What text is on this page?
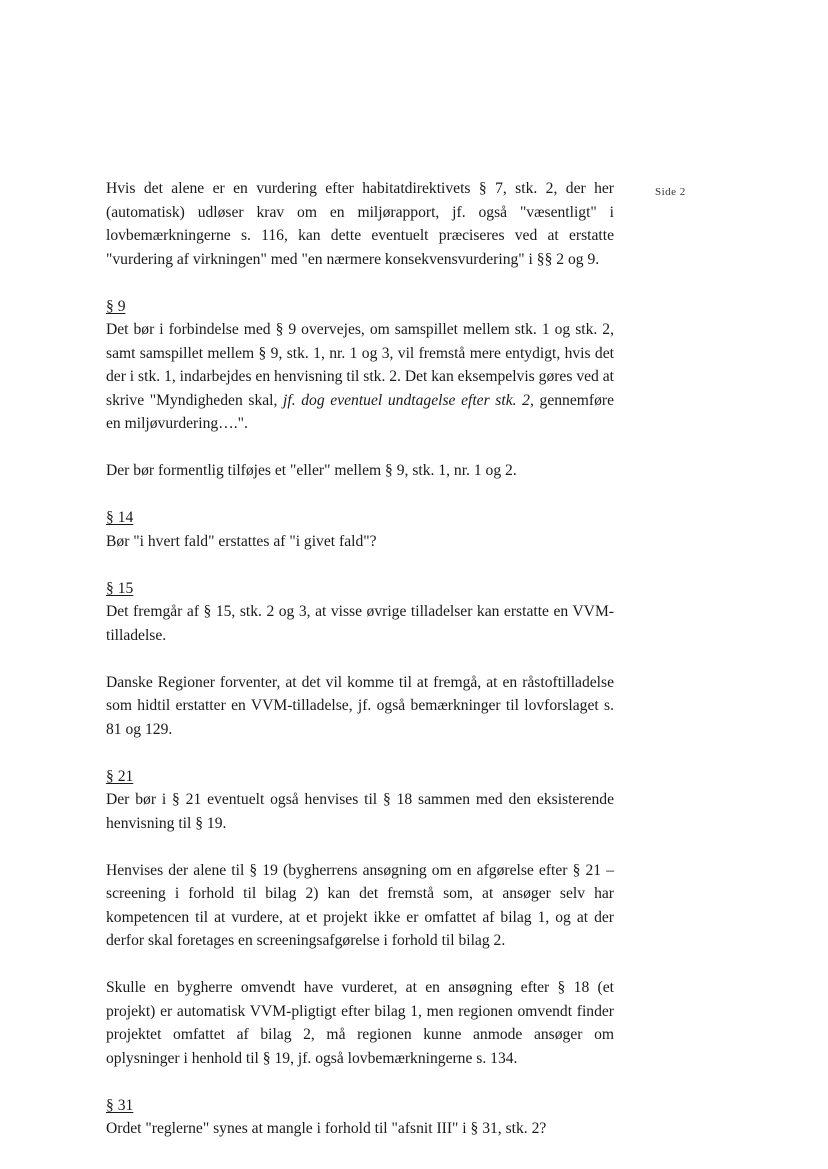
Side 2

Hvis det alene er en vurdering efter habitatdirektivets § 7, stk. 2, der her (automatisk) udløser krav om en miljørapport, jf. også "væsentligt" i lovbemærkningerne s. 116, kan dette eventuelt præciseres ved at erstatte "vurdering af virkningen" med "en nærmere konsekvensvurdering" i §§ 2 og 9.

§ 9

Det bør i forbindelse med § 9 overvejes, om samspillet mellem stk. 1 og stk. 2, samt samspillet mellem § 9, stk. 1, nr. 1 og 3, vil fremstå mere entydigt, hvis det der i stk. 1, indarbejdes en henvisning til stk. 2. Det kan eksempelvis gøres ved at skrive "Myndigheden skal, jf. dog eventuel undtagelse efter stk. 2, gennemføre en miljøvurdering….".

Der bør formentlig tilføjes et "eller" mellem § 9, stk. 1, nr. 1 og 2.

§ 14

Bør "i hvert fald" erstattes af "i givet fald"?

§ 15

Det fremgår af § 15, stk. 2 og 3, at visse øvrige tilladelser kan erstatte en VVM-tilladelse.

Danske Regioner forventer, at det vil komme til at fremgå, at en råstoftilladelse som hidtil erstatter en VVM-tilladelse, jf. også bemærkninger til lovforslaget s. 81 og 129.

§ 21

Der bør i § 21 eventuelt også henvises til § 18 sammen med den eksisterende henvisning til § 19.

Henvises der alene til § 19 (bygherrens ansøgning om en afgørelse efter § 21 – screening i forhold til bilag 2) kan det fremstå som, at ansøger selv har kompetencen til at vurdere, at et projekt ikke er omfattet af bilag 1, og at der derfor skal foretages en screeningsafgørelse i forhold til bilag 2.

Skulle en bygherre omvendt have vurderet, at en ansøgning efter § 18 (et projekt) er automatisk VVM-pligtigt efter bilag 1, men regionen omvendt finder projektet omfattet af bilag 2, må regionen kunne anmode ansøger om oplysninger i henhold til § 19, jf. også lovbemærkningerne s. 134.

§ 31

Ordet "reglerne" synes at mangle i forhold til "afsnit III" i § 31, stk. 2?
